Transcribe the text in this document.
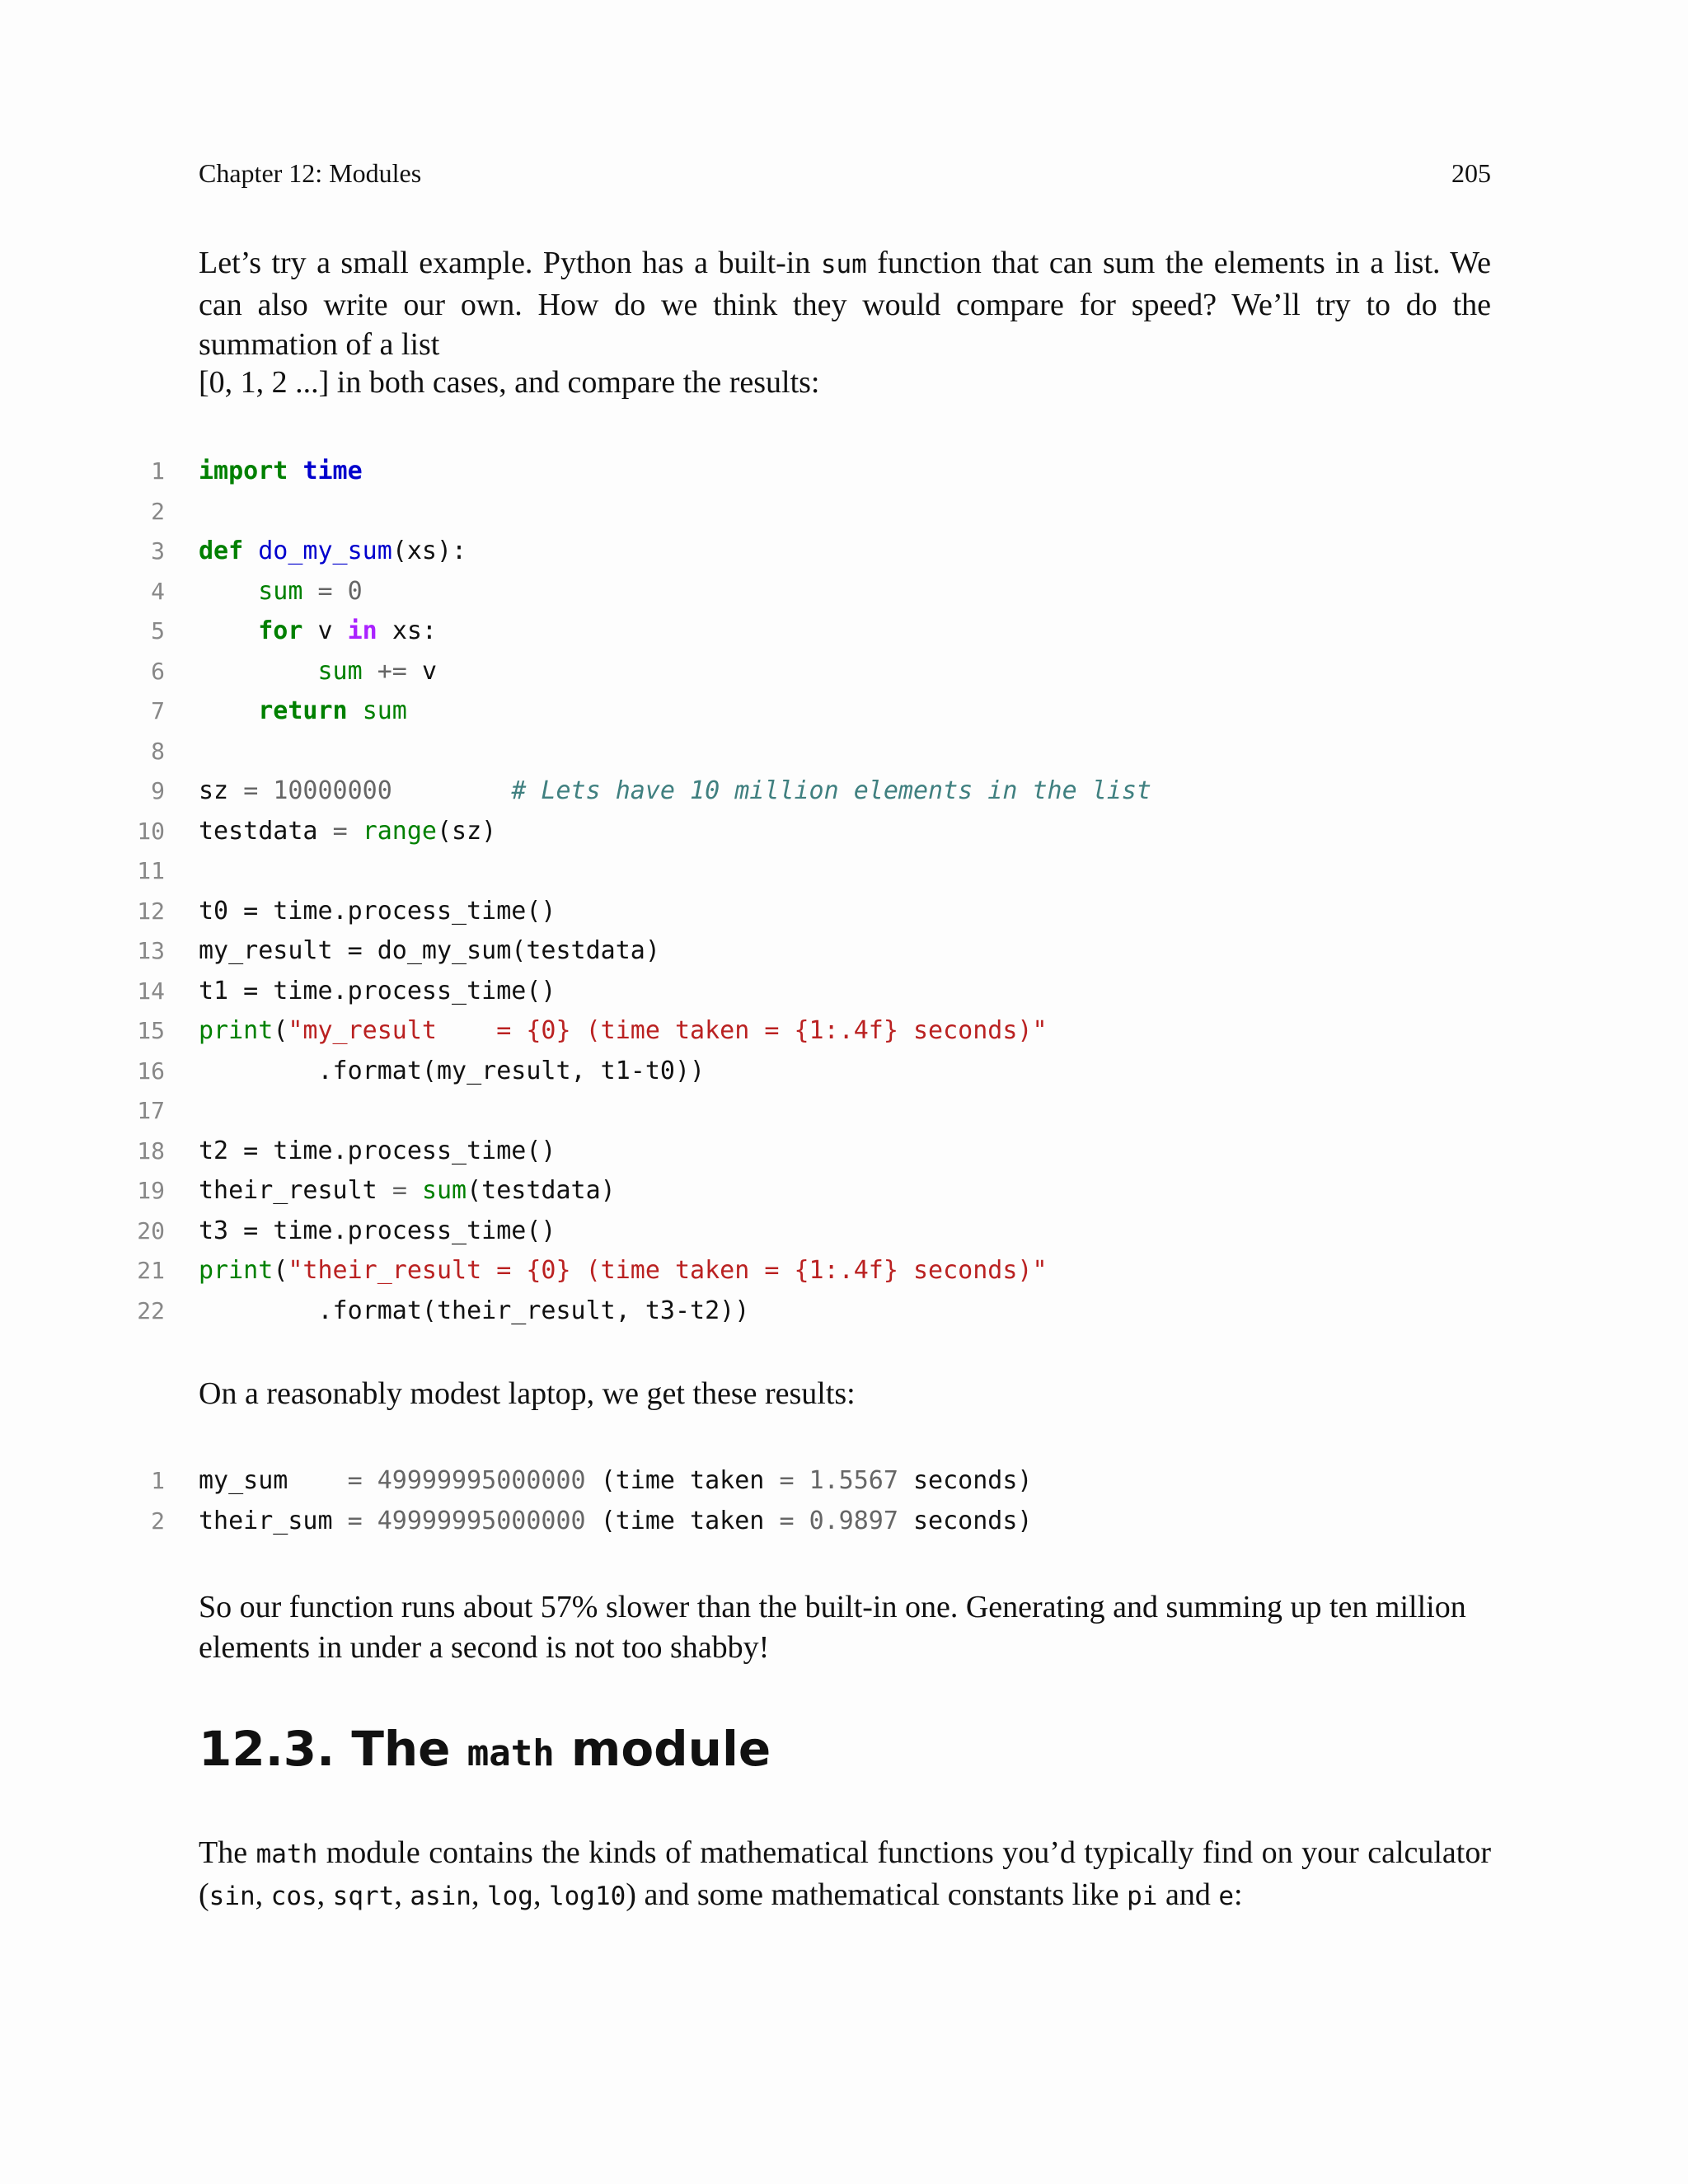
Chapter 12: Modules	205

Let’s try a small example. Python has a built-in sum function that can sum the elements in a list. We can also write our own. How do we think they would compare for speed? We’ll try to do the summation of a list

[0, 1, 2 ...] in both cases, and compare the results:

1 import time
2
3 def do_my_sum(xs):
4	sum = 0
5	for v in xs:
6	sum += v
7	return sum
8
9 sz = 10000000	# Lets have 10 million elements in the list
10 testdata = range(sz)
11
12 t0 = time.process_time()
13 my_result = do_my_sum(testdata)
14 t1 = time.process_time()
15 print("my_result    = {0} (time taken = {1:.4f} seconds)"
16	.format(my_result, t1-t0))
17
18 t2 = time.process_time()
19 their_result = sum(testdata)
20 t3 = time.process_time()
21 print("their_result = {0} (time taken = {1:.4f} seconds)"
22	.format(their_result, t3-t2))

On a reasonably modest laptop, we get these results:

1 my_sum = 49999995000000 (time taken = 1.5567 seconds)
2 their_sum = 49999995000000 (time taken = 0.9897 seconds)

So our function runs about 57% slower than the built-in one. Generating and summing up ten million elements in under a second is not too shabby!

12.3. The math module

The math module contains the kinds of mathematical functions you’d typically find on your calculator (sin, cos, sqrt, asin, log, log10) and some mathematical constants like pi and e:
